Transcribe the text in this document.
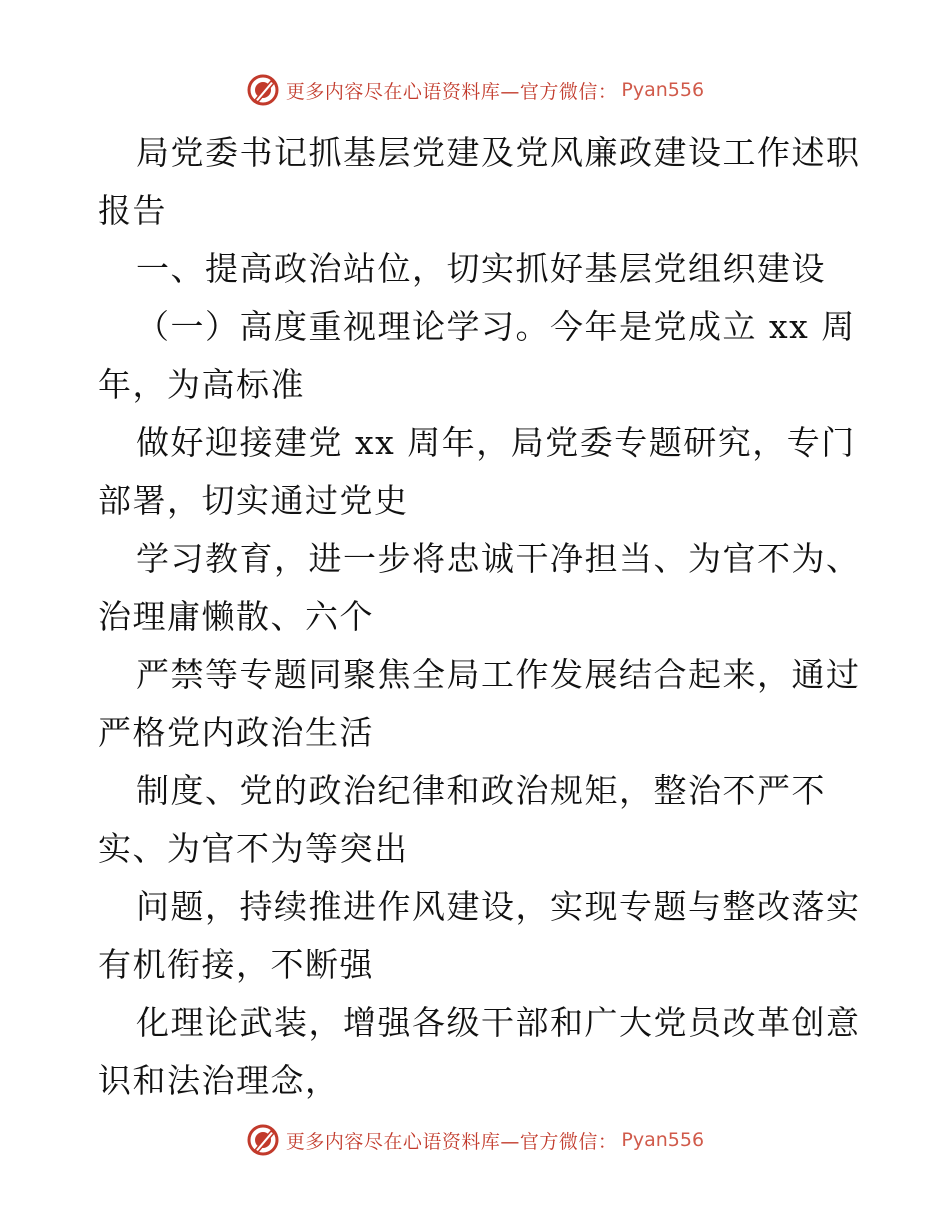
更多内容尽在心语资料库—官方微信： Pyan556
局党委书记抓基层党建及党风廉政建设工作述职
报告
一、提高政治站位，切实抓好基层党组织建设
（一）高度重视理论学习。今年是党成立 xx 周
年，为高标准
做好迎接建党 xx 周年，局党委专题研究，专门
部署，切实通过党史
学习教育，进一步将忠诚干净担当、为官不为、
治理庸懒散、六个
严禁等专题同聚焦全局工作发展结合起来，通过
严格党内政治生活
制度、党的政治纪律和政治规矩，整治不严不
实、为官不为等突出
问题，持续推进作风建设，实现专题与整改落实
有机衔接，不断强
化理论武装，增强各级干部和广大党员改革创意
识和法治理念，
更多内容尽在心语资料库—官方微信： Pyan556
